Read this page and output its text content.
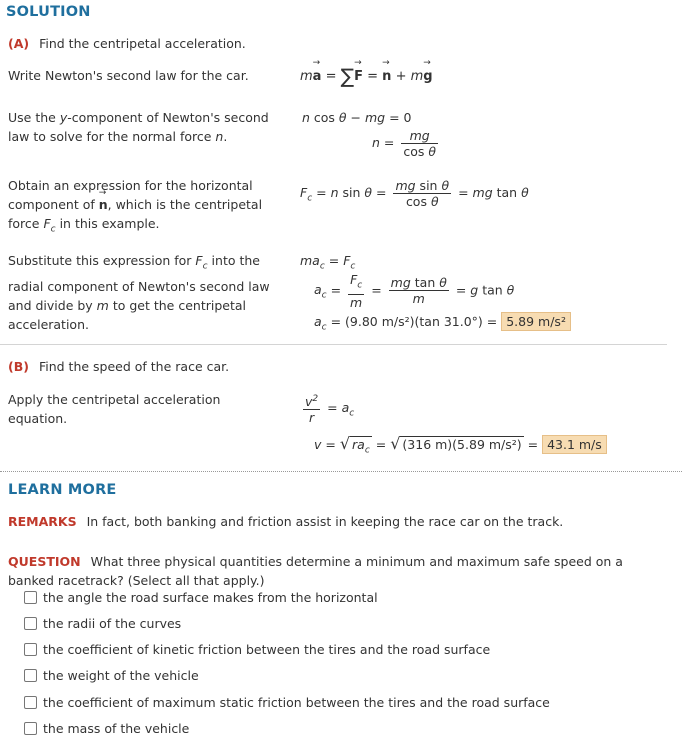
SOLUTION
(A) Find the centripetal acceleration.
Write Newton's second law for the car.	m→ a = ∑→ F = → n + m→ g
Use the y-component of Newton's second law to solve for the normal force n.
n cos θ − mg = 0
$n = \frac{mg}{\text{cos θ}}$
Obtain an expression for the horizontal component of → n, which is the centripetal force $F_c$ in this example.
$F_c = n$ $\sin \theta = \frac{\text{mg sin θ}}{\text{cos θ}}$ = mg tan θ
Substitute this expression for $F_c$ into the radial component of Newton's second law and divide by m to get the centripetal acceleration.
$ma_c = F_c$
$a_c = \frac{F_c}{m} = \frac{\text{mg tan θ}}{m} = g$ tan θ
$a_c = (9.80$ m/s²)(tan 31.0°) = 5.89 m/s²
(B) Find the speed of the race car.
Apply the centripetal acceleration equation.	$\frac{v^2}{r} = a_c$
v = √ $ra_c$ = √ (316 m)(5.89 m/s²) = 43.1 m/s
LEARN MORE
REMARKS In fact, both banking and friction assist in keeping the race car on the track.
QUESTION What three physical quantities determine a minimum and maximum safe speed on a banked racetrack? (Select all that apply.)
the angle the road surface makes from the horizontal
the radii of the curves
the coefficient of kinetic friction between the tires and the road surface
the weight of the vehicle
the coefficient of maximum static friction between the tires and the road surface
the mass of the vehicle
